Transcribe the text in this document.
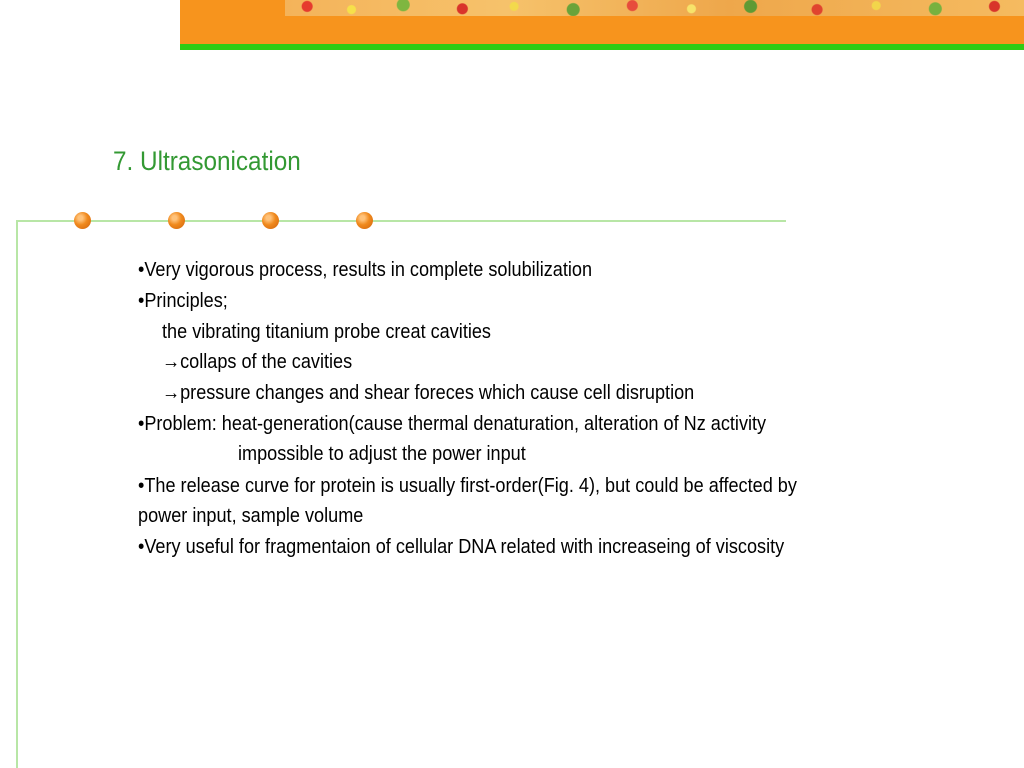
7. Ultrasonication
•Very vigorous process, results in complete solubilization
•Principles;
the vibrating titanium probe creat cavities
→collaps of the cavities
→pressure changes and shear foreces which cause cell disruption
•Problem: heat-generation(cause thermal denaturation, alteration of Nz activity
impossible to adjust the power input
•The release curve for protein is usually first-order(Fig. 4), but could be affected by
power input, sample volume
•Very useful for fragmentaion of cellular DNA related with increaseing of viscosity
